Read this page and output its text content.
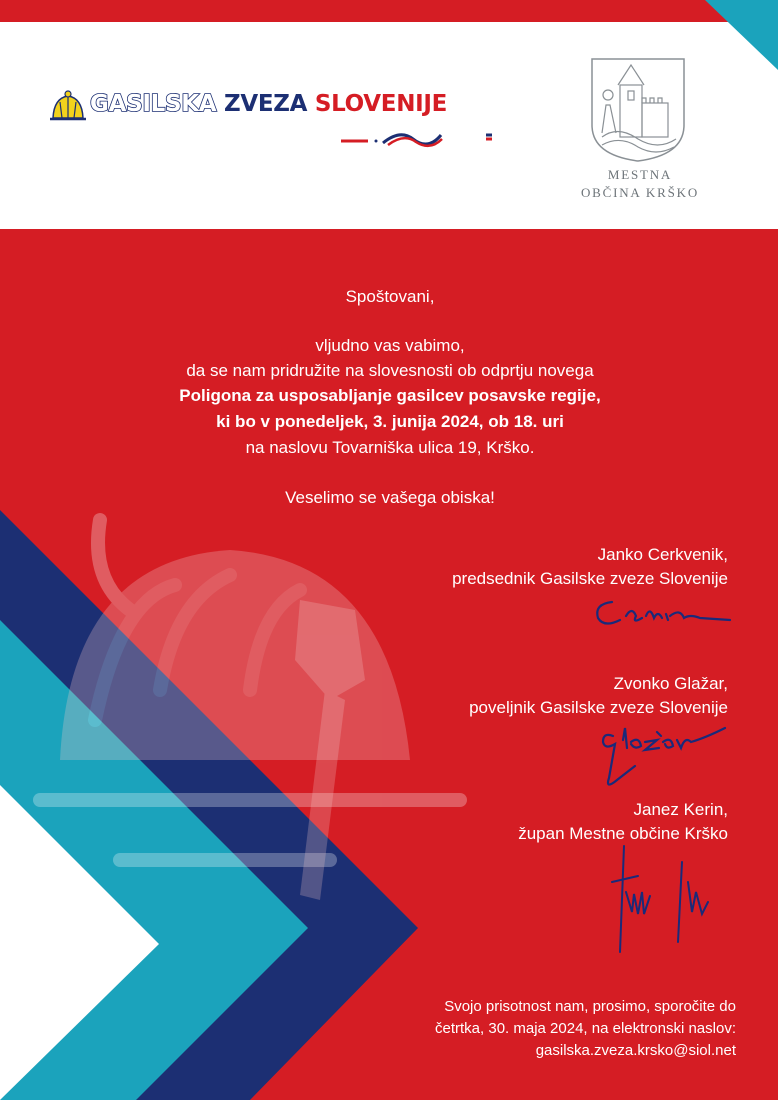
GASILSKA ZVEZA SLOVENIJE
MESTNA
OBČINA KRŠKO
Spoštovani,
vljudno vas vabimo,
da se nam pridružite na slovesnosti ob odprtju novega
Poligona za usposabljanje gasilcev posavske regije,
ki bo v ponedeljek, 3. junija 2024, ob 18. uri
na naslovu Tovarniška ulica 19, Krško.
Veselimo se vašega obiska!
Janko Cerkvenik,
predsednik Gasilske zveze Slovenije
Zvonko Glažar,
poveljnik Gasilske zveze Slovenije
Janez Kerin,
župan Mestne občine Krško
Svojo prisotnost nam, prosimo, sporočite do
četrtka, 30. maja 2024, na elektronski naslov:
gasilska.zveza.krsko@siol.net
